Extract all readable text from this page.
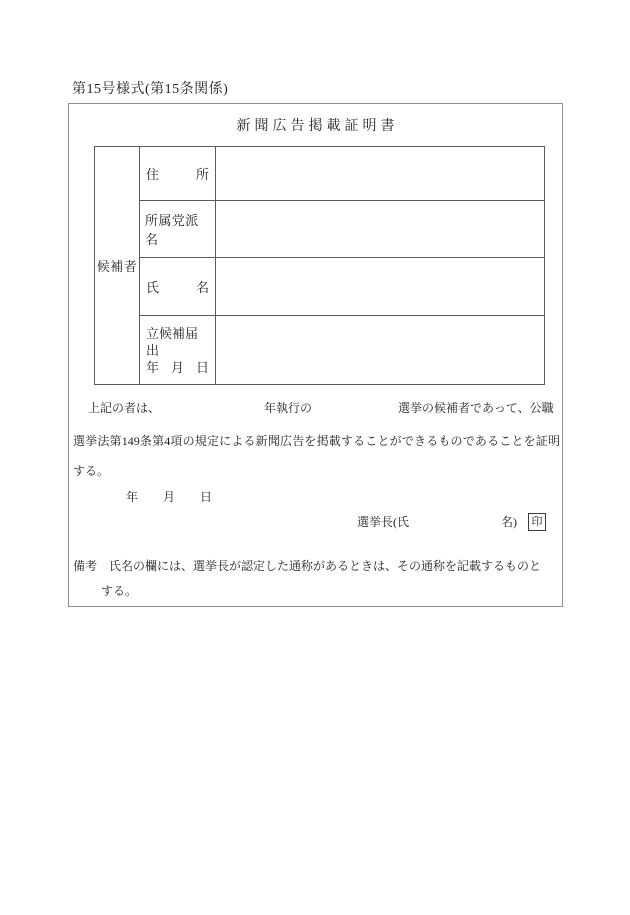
第15号様式(第15条関係)
新聞広告掲載証明書
候補者
住	所
所属党派名
氏	名
立候補届出
年 月 日

上記の者は、

	年執行の

	選挙の候補者であって、公職

選挙法第149条第4項の規定による新聞広告を掲載することができるものであることを証明
する。
年 月 日
選挙長(氏	名)	印
備考　氏名の欄には、選挙長が認定した通称があるときは、その通称を記載するものと
する。
